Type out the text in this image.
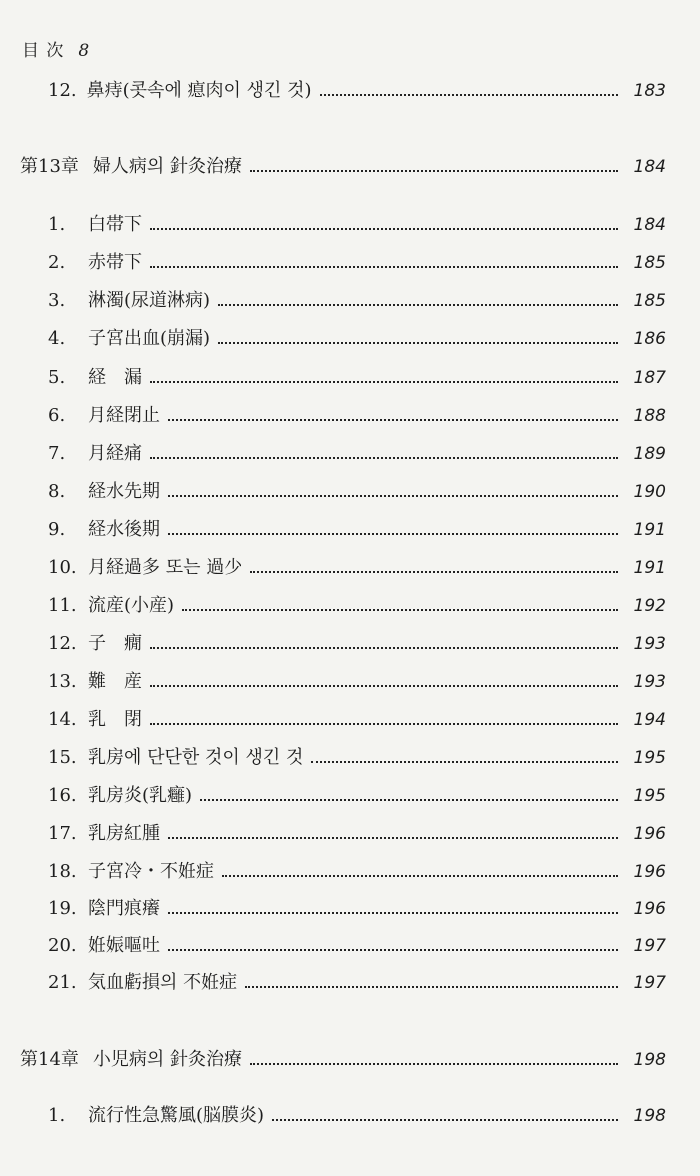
目 次 8
12. 鼻痔(콧속에 瘜肉이 생긴 것)	183
第13章 婦人病의 針灸治療	184
1.	白帯下	184
2.	赤帯下	185
3.	淋濁(尿道淋病)	185
4.	子宮出血(崩漏)	186
5.	経　漏	187
6.	月経閉止	188
7.	月経痛	189
8.	経水先期	190
9.	経水後期	191
10. 月経過多 또는 過少	191
11. 流産(小産)	192
12. 子　癇	193
13. 難　産	193
14. 乳　閉	194
15. 乳房에 단단한 것이 생긴 것	195
16. 乳房炎(乳癰)	195
17. 乳房紅腫	196
18. 子宮冷・不姙症	196
19. 陰門痕癢	196
20. 姙娠嘔吐	197
21. 気血虧損의 不姙症	197
第14章 小児病의 針灸治療	198
1.	流行性急驚風(脳膜炎)	198
